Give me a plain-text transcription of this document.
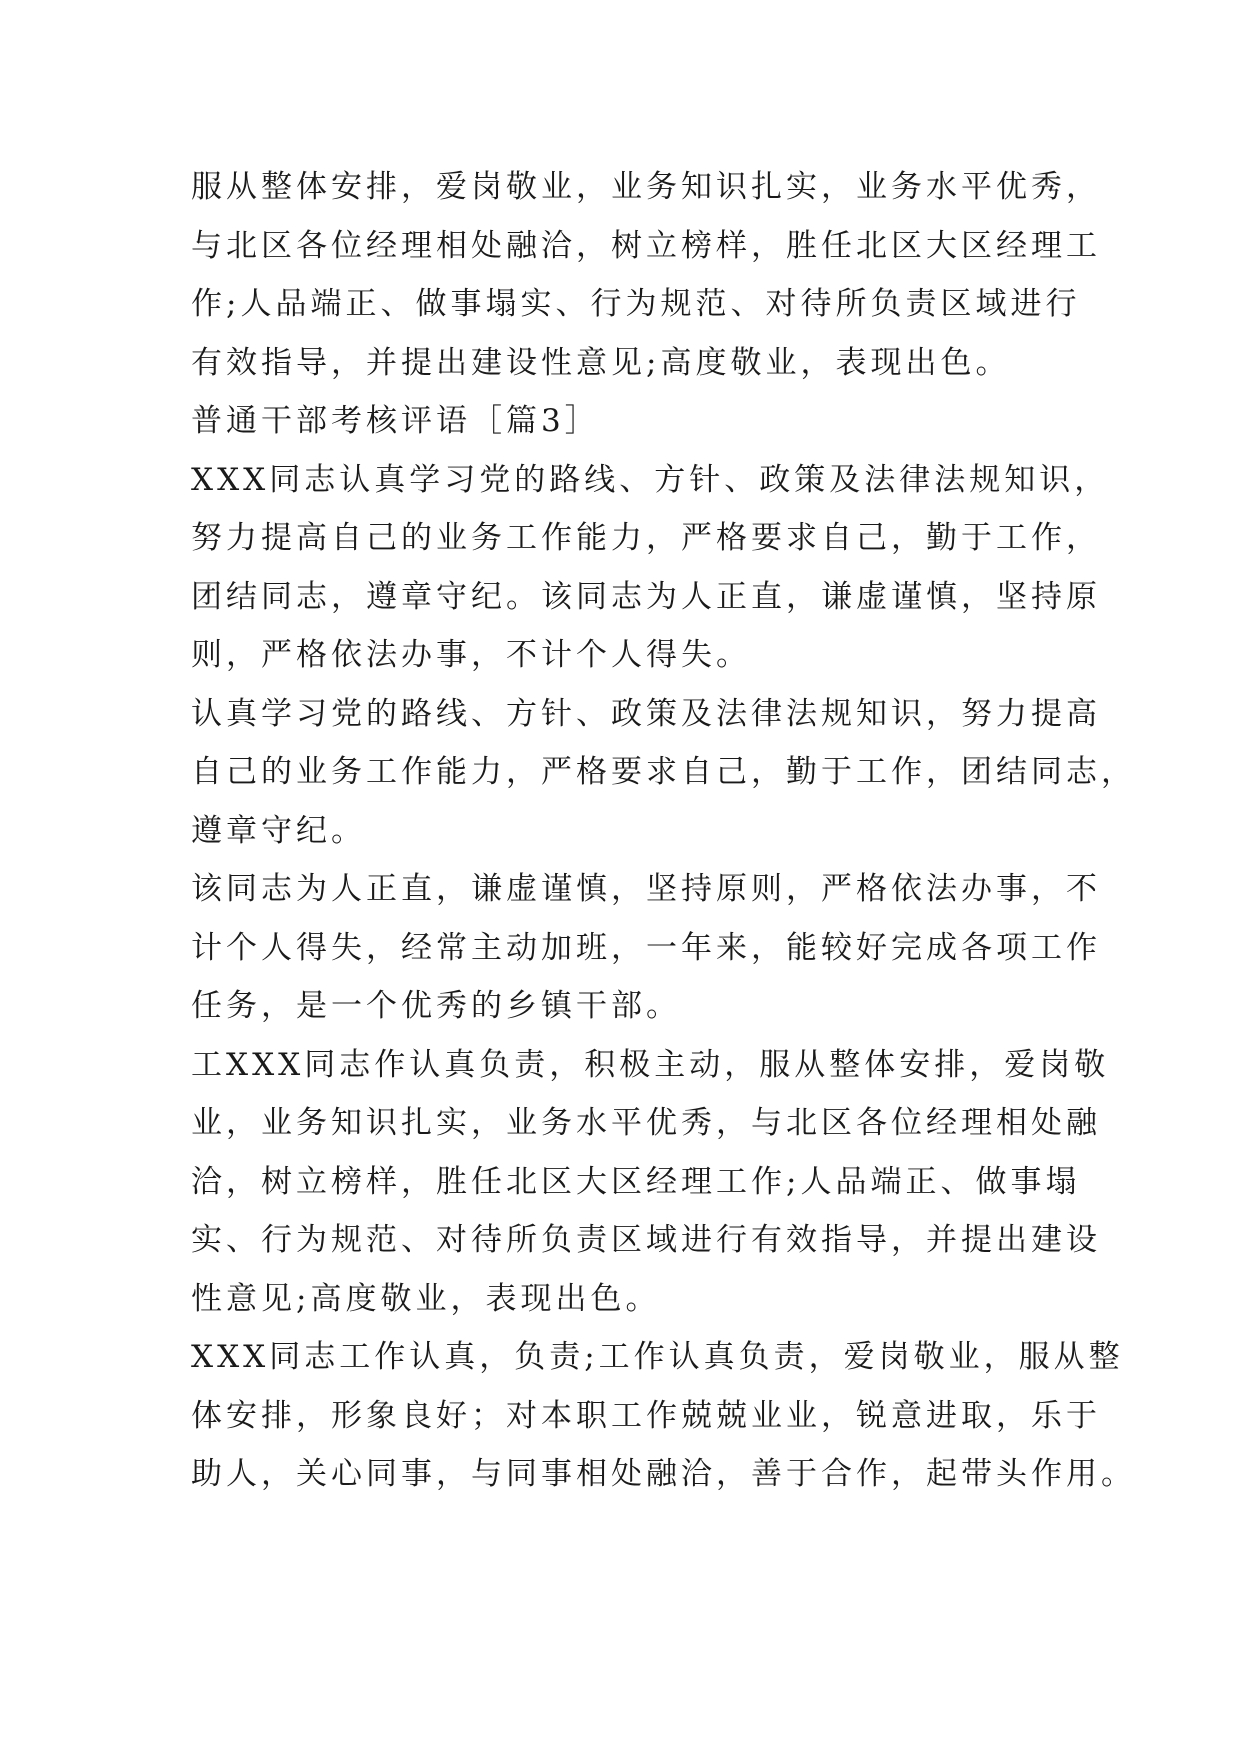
服从整体安排，爱岗敬业，业务知识扎实，业务水平优秀，
与北区各位经理相处融洽，树立榜样，胜任北区大区经理工
作;人品端正、做事塌实、行为规范、对待所负责区域进行
有效指导，并提出建设性意见;高度敬业，表现出色。
普通干部考核评语［篇3］
XXX同志认真学习党的路线、方针、政策及法律法规知识，
努力提高自己的业务工作能力，严格要求自己，勤于工作，
团结同志，遵章守纪。该同志为人正直，谦虚谨慎，坚持原
则，严格依法办事，不计个人得失。
认真学习党的路线、方针、政策及法律法规知识，努力提高
自己的业务工作能力，严格要求自己，勤于工作，团结同志，
遵章守纪。
该同志为人正直，谦虚谨慎，坚持原则，严格依法办事，不
计个人得失，经常主动加班，一年来，能较好完成各项工作
任务，是一个优秀的乡镇干部。
工XXX同志作认真负责，积极主动，服从整体安排，爱岗敬
业，业务知识扎实，业务水平优秀，与北区各位经理相处融
洽，树立榜样，胜任北区大区经理工作;人品端正、做事塌
实、行为规范、对待所负责区域进行有效指导，并提出建设
性意见;高度敬业，表现出色。
XXX同志工作认真，负责;工作认真负责，爱岗敬业，服从整
体安排，形象良好；对本职工作兢兢业业，锐意进取，乐于
助人，关心同事，与同事相处融洽，善于合作，起带头作用。
